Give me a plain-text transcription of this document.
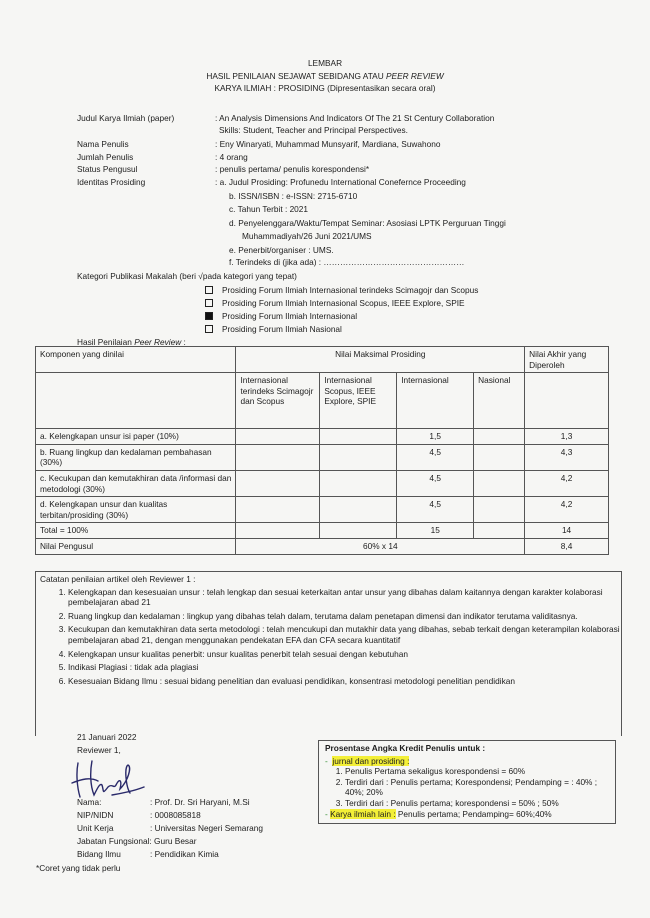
LEMBAR
HASIL PENILAIAN SEJAWAT SEBIDANG ATAU PEER REVIEW
KARYA ILMIAH : PROSIDING (Dipresentasikan secara oral)
Judul Karya Ilmiah (paper)	: An Analysis Dimensions And Indicators Of The 21 St Century Collaboration
Skills: Student, Teacher and Principal Perspectives.
Nama Penulis	: Eny Winaryati, Muhammad Munsyarif, Mardiana, Suwahono
Jumlah Penulis	: 4 orang
Status Pengusul	: penulis pertama/ penulis korespondensi*
Identitas Prosiding	: a. Judul Prosiding: Profunedu International Conefernce Proceeding
b. ISSN/ISBN : e-ISSN: 2715-6710
c. Tahun Terbit : 2021
d. Penyelenggara/Waktu/Tempat Seminar: Asosiasi LPTK Perguruan Tinggi
Muhammadiyah/26 Juni 2021/UMS
e. Penerbit/organiser : UMS.
f. Terindeks di (jika ada) : ……………………………………………
Kategori Publikasi Makalah (beri √pada kategori yang tepat)
Prosiding Forum Ilmiah Internasional terindeks Scimagojr dan Scopus
Prosiding Forum Ilmiah Internasional Scopus, IEEE Explore, SPIE
Prosiding Forum Ilmiah Internasional
Prosiding Forum Ilmiah Nasional
Hasil Penilaian Peer Review :
Komponen yang dinilai	Nilai Maksimal Prosiding				Nilai Akhir yang Diperoleh
	Internasional terindeks Scimagojr dan Scopus	Internasional Scopus, IEEE Explore, SPIE	Internasional	Nasional	
a. Kelengkapan unsur isi paper (10%)			1,5		1,3
b. Ruang lingkup dan kedalaman pembahasan (30%)			4,5		4,3
c. Kecukupan dan kemutakhiran data /informasi dan metodologi (30%)			4,5		4,2
d. Kelengkapan unsur dan kualitas terbitan/prosiding (30%)			4,5		4,2
Total = 100%			15		14
Nilai Pengusul	60% x 14				8,4
Catatan penilaian artikel oleh Reviewer 1 :
1. Kelengkapan dan kesesuaian unsur : telah lengkap dan sesuai keterkaitan antar unsur yang dibahas dalam kaitannya dengan karakter kolaborasi pembelajaran abad 21
2. Ruang lingkup dan kedalaman : lingkup yang dibahas telah dalam, terutama dalam penetapan dimensi dan indikator terutama validitasnya.
3. Kecukupan dan kemutakhiran data serta metodologi : telah mencukupi dan mutakhir data yang dibahas, sebab terkait dengan keterampilan kolaborasi pembelajaran abad 21, dengan menggunakan pendekatan EFA dan CFA secara kuantitatif
4. Kelengkapan unsur kualitas penerbit: unsur kualitas penerbit telah sesuai dengan kebutuhan
5. Indikasi Plagiasi : tidak ada plagiasi
6. Kesesuaian Bidang Ilmu : sesuai bidang penelitian dan evaluasi pendidikan, konsentrasi metodologi penelitian pendidikan
21 Januari 2022
Reviewer 1,
Nama:	: Prof. Dr. Sri Haryani, M.Si
NIP/NIDN	: 0008085818
Unit Kerja	: Universitas Negeri Semarang
Jabatan Fungsional: Guru Besar
Bidang Ilmu	: Pendidikan Kimia
*Coret yang tidak perlu
Prosentase Angka Kredit Penulis untuk :
-  jurnal dan prosiding :
1. Penulis Pertama sekaligus korespondensi = 60%
2. Terdiri dari : Penulis pertama; Korespondensi; Pendamping = : 40% ; 40%; 20%
3. Terdiri dari : Penulis pertama; korespondensi = 50% ; 50%
- Karya ilmiah lain : Penulis pertama; Pendamping= 60%;40%
